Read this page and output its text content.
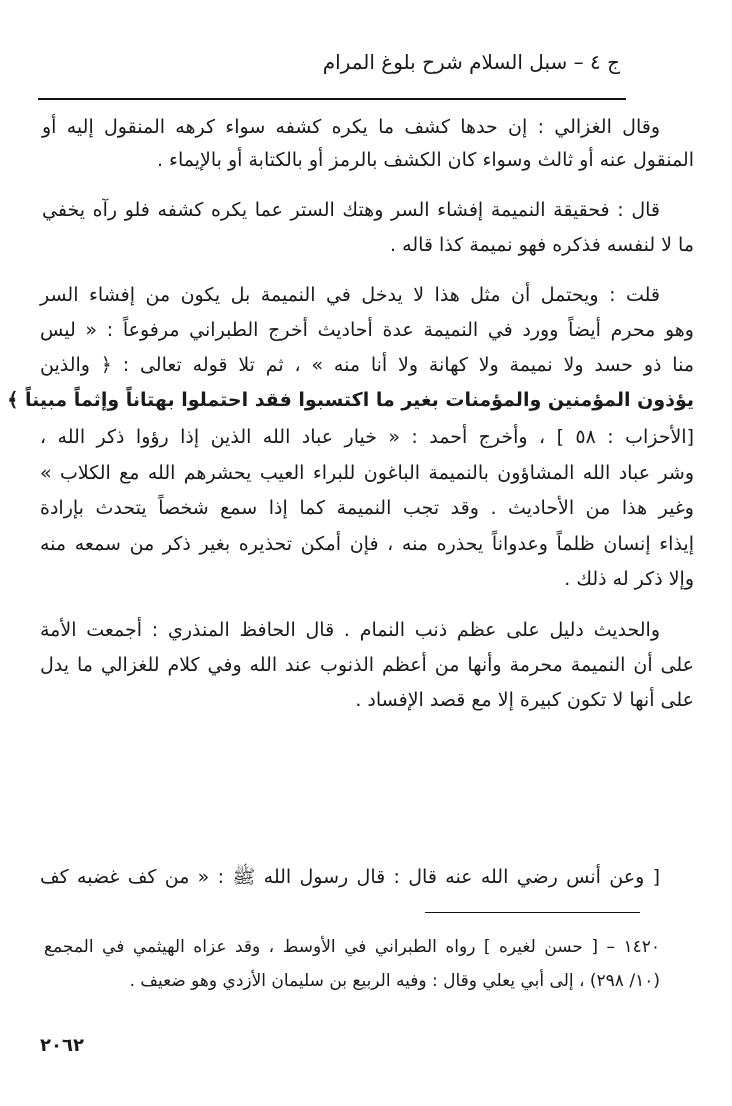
ج ٤ – سبل السلام شرح بلوغ المرام
وقال الغزالي : إن حدها كشف ما يكره كشفه سواء كرهه المنقول إليه أو
المنقول عنه أو ثالث وسواء كان الكشف بالرمز أو بالكتابة أو بالإيماء .
قال : فحقيقة النميمة إفشاء السر وهتك الستر عما يكره كشفه فلو رآه يخفي
ما لا لنفسه فذكره فهو نميمة كذا قاله .
قلت : ويحتمل أن مثل هذا لا يدخل في النميمة بل يكون من إفشاء السر
وهو محرم أيضاً وورد في النميمة عدة أحاديث أخرج الطبراني مرفوعاً : « ليس
منا ذو حسد ولا نميمة ولا كهانة ولا أنا منه » ، ثم تلا قوله تعالى : ﴿ والذين
يؤذون المؤمنين والمؤمنات بغير ما اكتسبوا فقد احتملوا بهتاناً وإثماً مبيناً ﴾
[الأحزاب : ٥٨ ] ، وأخرج أحمد : « خيار عباد الله الذين إذا رؤوا ذكر الله ،
وشر عباد الله المشاؤون بالنميمة الباغون للبراء العيب يحشرهم الله مع الكلاب »
وغير هذا من الأحاديث . وقد تجب النميمة كما إذا سمع شخصاً يتحدث بإرادة
إيذاء إنسان ظلماً وعدواناً يحذره منه ، فإن أمكن تحذيره بغير ذكر من سمعه منه
وإلا ذكر له ذلك .
والحديث دليل على عظم ذنب النمام . قال الحافظ المنذري : أجمعت الأمة
على أن النميمة محرمة وأنها من أعظم الذنوب عند الله وفي كلام للغزالي ما يدل
على أنها لا تكون كبيرة إلا مع قصد الإفساد .
[ وعن أنس رضي الله عنه قال : قال رسول الله ﷺ : « من كف غضبه كف
١٤٢٠ – [ حسن لغيره ] رواه الطبراني في الأوسط ، وقد عزاه الهيثمي في المجمع
(١٠/ ٢٩٨) ، إلى أبي يعلي وقال : وفيه الربيع بن سليمان الأزدي وهو ضعيف .
٢٠٦٢
